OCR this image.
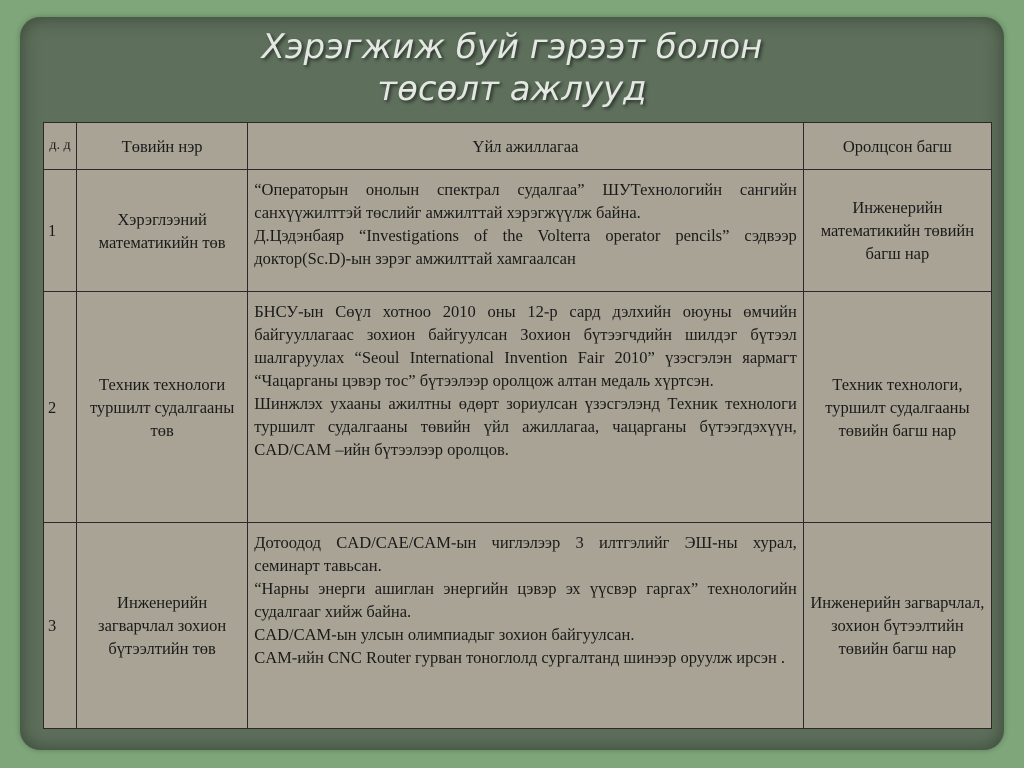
Хэрэгжиж буй гэрээт болон
төсөлт ажлууд
д. д	Төвийн нэр	Үйл ажиллагаа	Оролцсон багш
1	Хэрэглээний математикийн төв	“Операторын онолын спектрал судалгаа” ШУТехнологийн сангийн санхүүжилттэй төслийг амжилттай хэрэгжүүлж байна.

Д.Цэдэнбаяр “Investigations of the Volterra operator pencils” сэдвээр доктор(Sc.D)-ын зэрэг амжилттай хамгаалсан	Инженерийн математикийн төвийн багш нар
2	Техник технологи туршилт судалгааны төв	БНСУ-ын Сөүл хотноо 2010 оны 12-р сард дэлхийн оюуны өмчийн байгууллагаас зохион байгуулсан Зохион бүтээгчдийн шилдэг бүтээл шалгаруулах “Seoul International Invention Fair 2010” үзэсгэлэн яармагт “Чацарганы цэвэр тос” бүтээлээр оролцож алтан медаль хүртсэн.

Шинжлэх ухааны ажилтны өдөрт зориулсан үзэсгэлэнд Техник технологи туршилт судалгааны төвийн үйл ажиллагаа, чацарганы бүтээгдэхүүн, CAD/CAM –ийн бүтээлээр оролцов.	Техник технологи, туршилт судалгааны төвийн багш нар
3	Инженерийн загварчлал зохион бүтээлтийн төв	Дотоодод CAD/CAE/CAM-ын чиглэлээр 3 илтгэлийг ЭШ-ны хурал, семинарт тавьсан.

“Нарны энерги ашиглан энергийн цэвэр эх үүсвэр гаргах” технологийн судалгааг хийж байна.

CAD/CAM-ын улсын олимпиадыг зохион байгуулсан.

CAM-ийн CNC Router гурван тоноглолд сургалтанд шинээр оруулж ирсэн .	Инженерийн загварчлал, зохион бүтээлтийн төвийн багш нар
